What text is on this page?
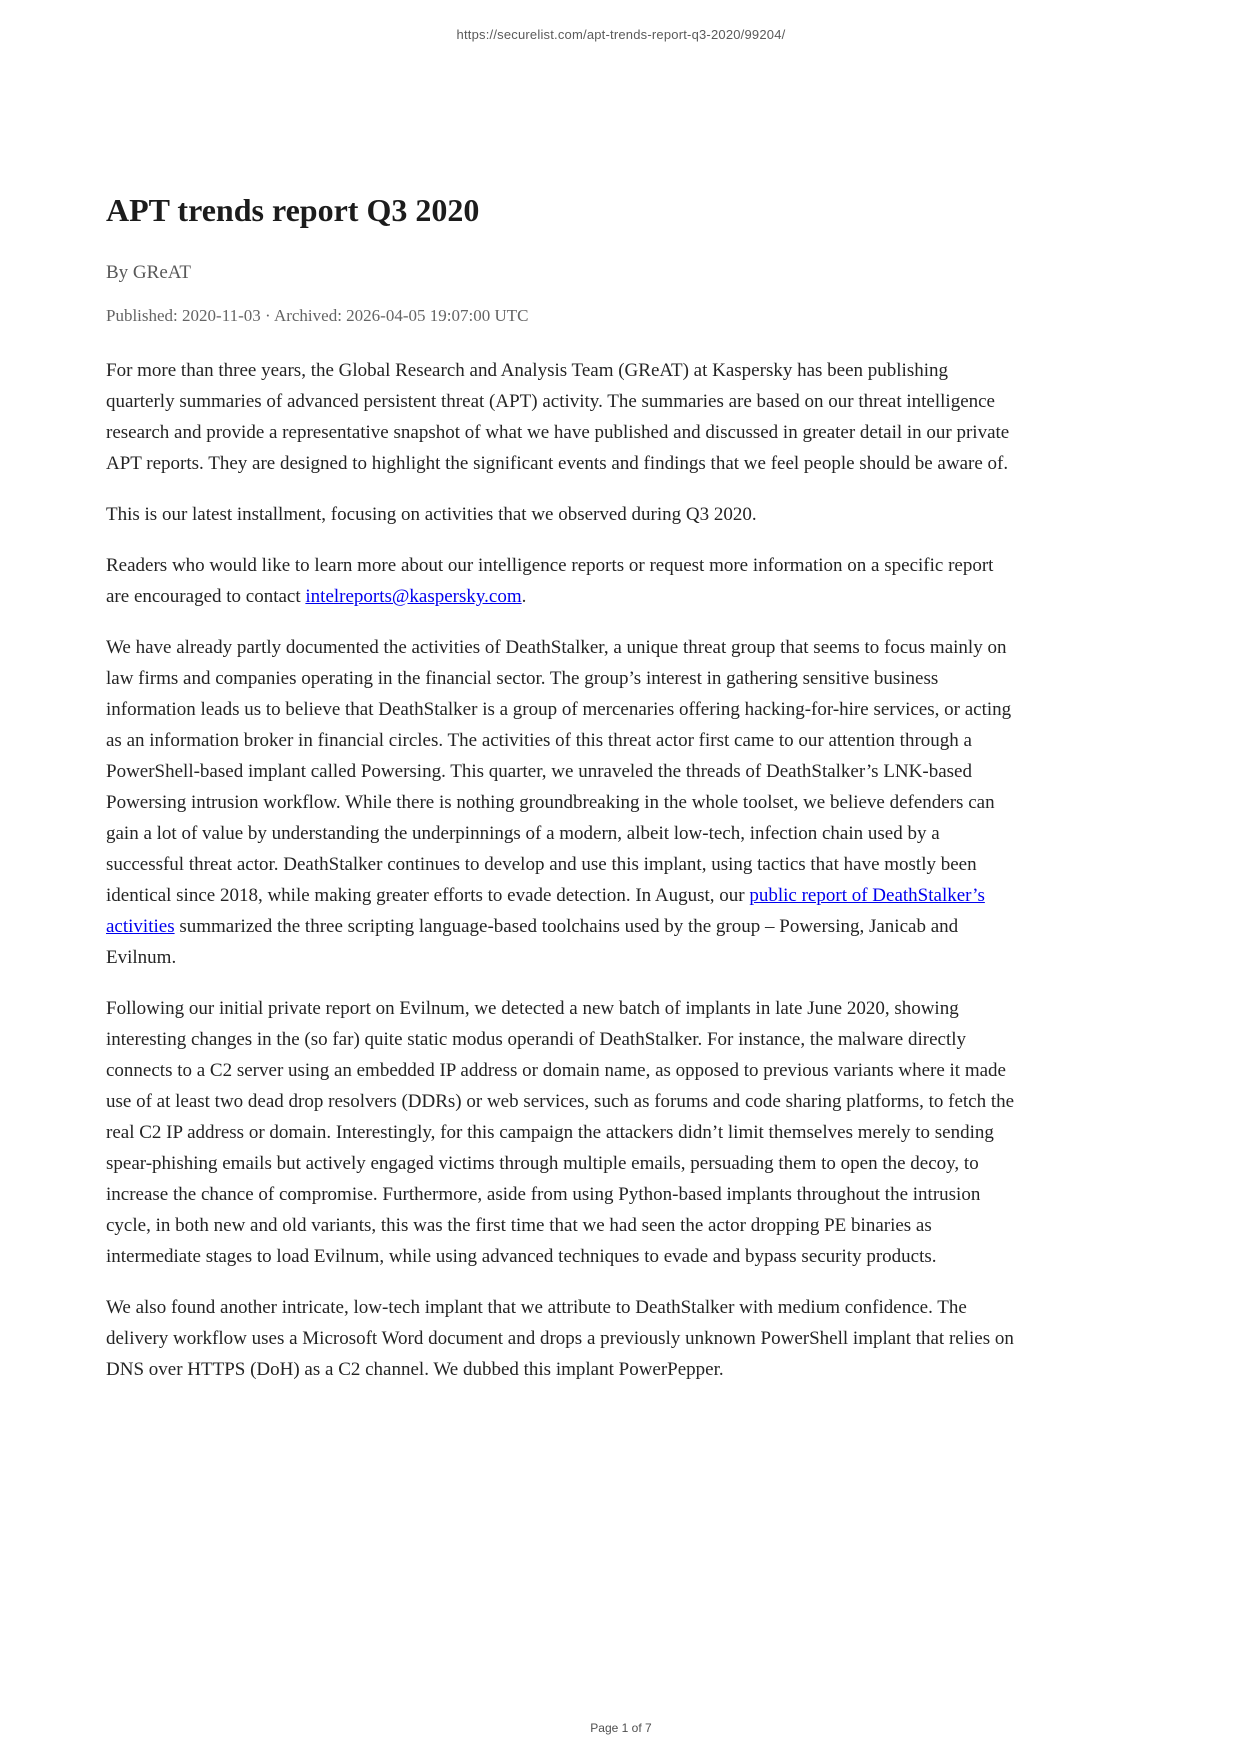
https://securelist.com/apt-trends-report-q3-2020/99204/
APT trends report Q3 2020
By GReAT
Published: 2020-11-03 · Archived: 2026-04-05 19:07:00 UTC

For more than three years, the Global Research and Analysis Team (GReAT) at Kaspersky has been publishing quarterly summaries of advanced persistent threat (APT) activity. The summaries are based on our threat intelligence research and provide a representative snapshot of what we have published and discussed in greater detail in our private APT reports. They are designed to highlight the significant events and findings that we feel people should be aware of.

This is our latest installment, focusing on activities that we observed during Q3 2020.

Readers who would like to learn more about our intelligence reports or request more information on a specific report are encouraged to contact intelreports@kaspersky.com.

We have already partly documented the activities of DeathStalker, a unique threat group that seems to focus mainly on law firms and companies operating in the financial sector. The group’s interest in gathering sensitive business information leads us to believe that DeathStalker is a group of mercenaries offering hacking-for-hire services, or acting as an information broker in financial circles. The activities of this threat actor first came to our attention through a PowerShell-based implant called Powersing. This quarter, we unraveled the threads of DeathStalker’s LNK-based Powersing intrusion workflow. While there is nothing groundbreaking in the whole toolset, we believe defenders can gain a lot of value by understanding the underpinnings of a modern, albeit low-tech, infection chain used by a successful threat actor. DeathStalker continues to develop and use this implant, using tactics that have mostly been identical since 2018, while making greater efforts to evade detection. In August, our public report of DeathStalker’s activities summarized the three scripting language-based toolchains used by the group – Powersing, Janicab and Evilnum.

Following our initial private report on Evilnum, we detected a new batch of implants in late June 2020, showing interesting changes in the (so far) quite static modus operandi of DeathStalker. For instance, the malware directly connects to a C2 server using an embedded IP address or domain name, as opposed to previous variants where it made use of at least two dead drop resolvers (DDRs) or web services, such as forums and code sharing platforms, to fetch the real C2 IP address or domain. Interestingly, for this campaign the attackers didn’t limit themselves merely to sending spear-phishing emails but actively engaged victims through multiple emails, persuading them to open the decoy, to increase the chance of compromise. Furthermore, aside from using Python-based implants throughout the intrusion cycle, in both new and old variants, this was the first time that we had seen the actor dropping PE binaries as intermediate stages to load Evilnum, while using advanced techniques to evade and bypass security products.

We also found another intricate, low-tech implant that we attribute to DeathStalker with medium confidence. The delivery workflow uses a Microsoft Word document and drops a previously unknown PowerShell implant that relies on DNS over HTTPS (DoH) as a C2 channel. We dubbed this implant PowerPepper.

Page 1 of 7
